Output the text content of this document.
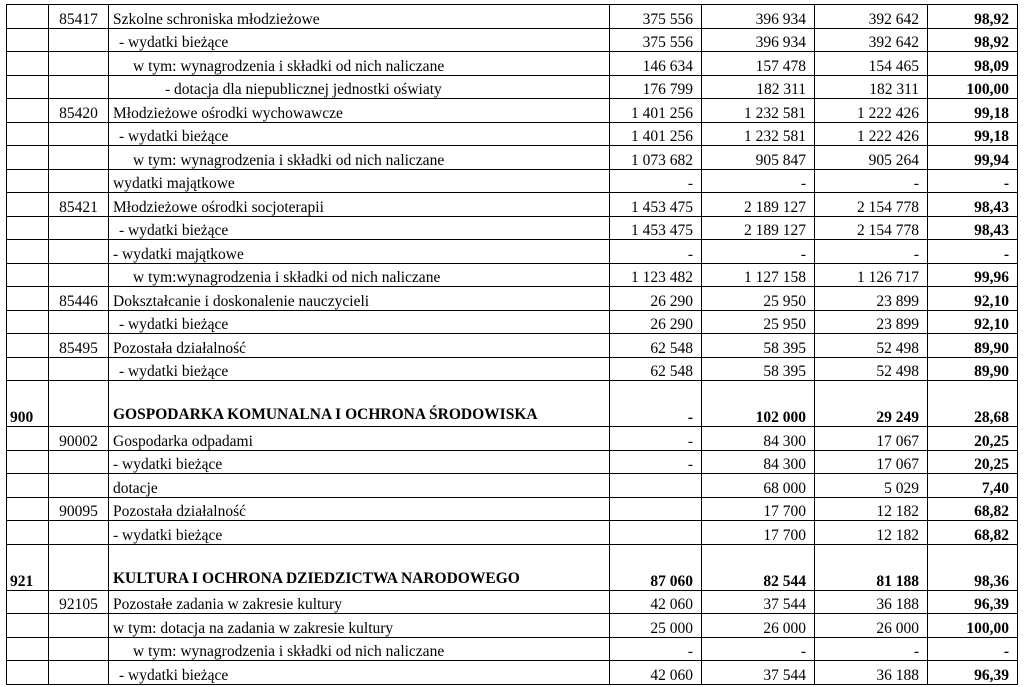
	85417	Szkolne schroniska młodzieżowe	375 556	396 934	392 642	98,92
		- wydatki bieżące	375 556	396 934	392 642	98,92
		w tym: wynagrodzenia i składki od nich naliczane	146 634	157 478	154 465	98,09
		- dotacja dla niepublicznej jednostki oświaty	176 799	182 311	182 311	100,00
	85420	Młodzieżowe ośrodki wychowawcze	1 401 256	1 232 581	1 222 426	99,18
		- wydatki bieżące	1 401 256	1 232 581	1 222 426	99,18
		w tym: wynagrodzenia i składki od nich naliczane	1 073 682	905 847	905 264	99,94
		wydatki majątkowe	-	-	-	-
	85421	Młodzieżowe ośrodki socjoterapii	1 453 475	2 189 127	2 154 778	98,43
		- wydatki bieżące	1 453 475	2 189 127	2 154 778	98,43
		- wydatki majątkowe	-	-	-	-
		w tym:wynagrodzenia i składki od nich naliczane	1 123 482	1 127 158	1 126 717	99,96
	85446	Dokształcanie i doskonalenie nauczycieli	26 290	25 950	23 899	92,10
		- wydatki bieżące	26 290	25 950	23 899	92,10
	85495	Pozostała działalność	62 548	58 395	52 498	89,90
		- wydatki bieżące	62 548	58 395	52 498	89,90
900		GOSPODARKA KOMUNALNA I OCHRONA ŚRODOWISKA	-	102 000	29 249	28,68
	90002	Gospodarka odpadami	-	84 300	17 067	20,25
		- wydatki bieżące	-	84 300	17 067	20,25
		dotacje		68 000	5 029	7,40
	90095	Pozostała działalność		17 700	12 182	68,82
		- wydatki bieżące		17 700	12 182	68,82
921		KULTURA I OCHRONA DZIEDZICTWA NARODOWEGO	87 060	82 544	81 188	98,36
	92105	Pozostałe zadania w zakresie kultury	42 060	37 544	36 188	96,39
		w tym: dotacja na zadania w zakresie kultury	25 000	26 000	26 000	100,00
		w tym: wynagrodzenia i składki od nich naliczane	-	-	-	-
		- wydatki bieżące	42 060	37 544	36 188	96,39
